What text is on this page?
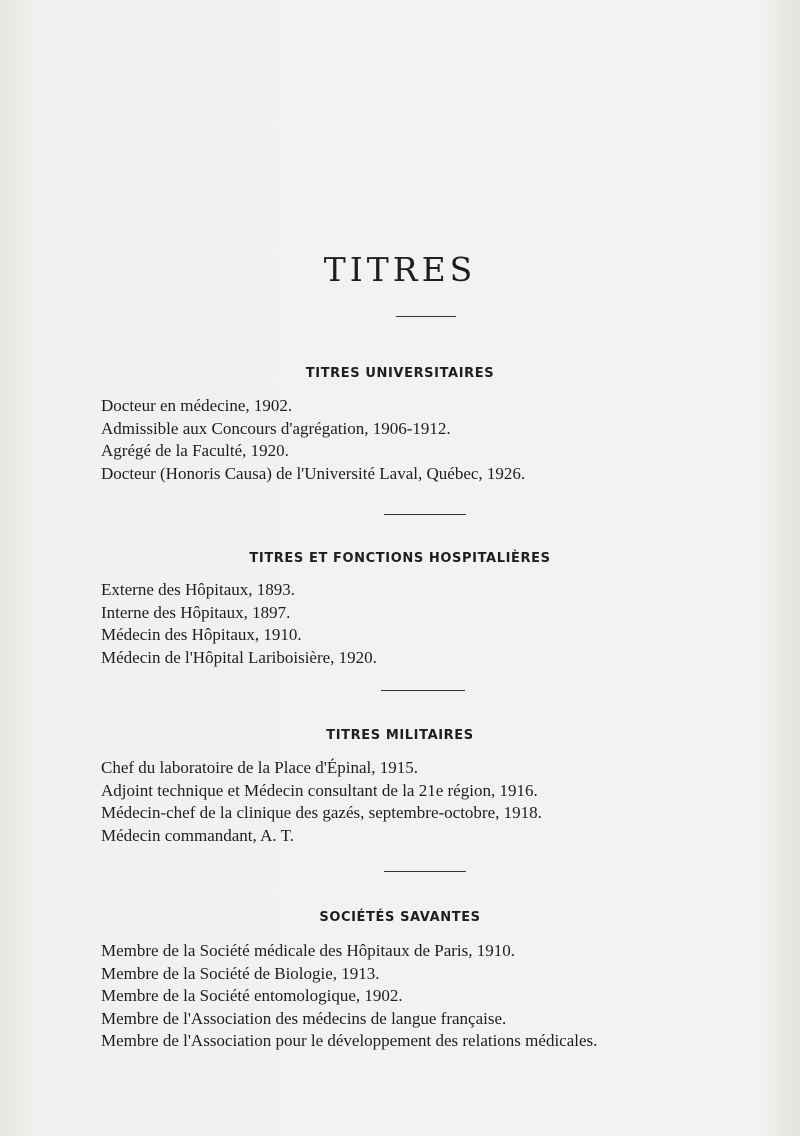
TITRES
TITRES UNIVERSITAIRES
Docteur en médecine, 1902.
Admissible aux Concours d'agrégation, 1906-1912.
Agrégé de la Faculté, 1920.
Docteur (Honoris Causa) de l'Université Laval, Québec, 1926.
TITRES ET FONCTIONS HOSPITALIÈRES
Externe des Hôpitaux, 1893.
Interne des Hôpitaux, 1897.
Médecin des Hôpitaux, 1910.
Médecin de l'Hôpital Lariboisière, 1920.
TITRES MILITAIRES
Chef du laboratoire de la Place d'Épinal, 1915.
Adjoint technique et Médecin consultant de la 21e région, 1916.
Médecin-chef de la clinique des gazés, septembre-octobre, 1918.
Médecin commandant, A. T.
SOCIÉTÉS SAVANTES
Membre de la Société médicale des Hôpitaux de Paris, 1910.
Membre de la Société de Biologie, 1913.
Membre de la Société entomologique, 1902.
Membre de l'Association des médecins de langue française.
Membre de l'Association pour le développement des relations médicales.
